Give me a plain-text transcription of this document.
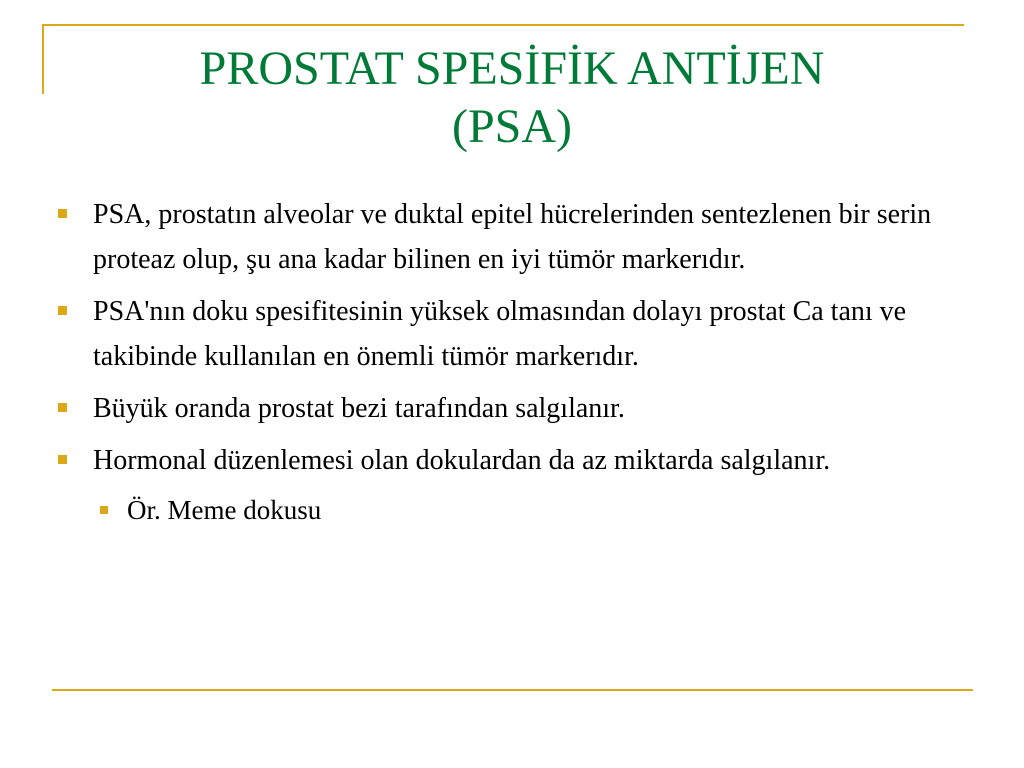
PROSTAT SPESİFİK ANTİJEN
(PSA)
PSA, prostatın alveolar ve duktal epitel hücrelerinden sentezlenen bir serin proteaz olup, şu ana kadar bilinen en iyi tümör markerıdır.
PSA'nın doku spesifitesinin yüksek olmasından dolayı prostat Ca tanı ve takibinde kullanılan en önemli tümör markerıdır.
Büyük oranda prostat bezi tarafından salgılanır.
Hormonal düzenlemesi olan dokulardan da az miktarda salgılanır.
Ör. Meme dokusu
